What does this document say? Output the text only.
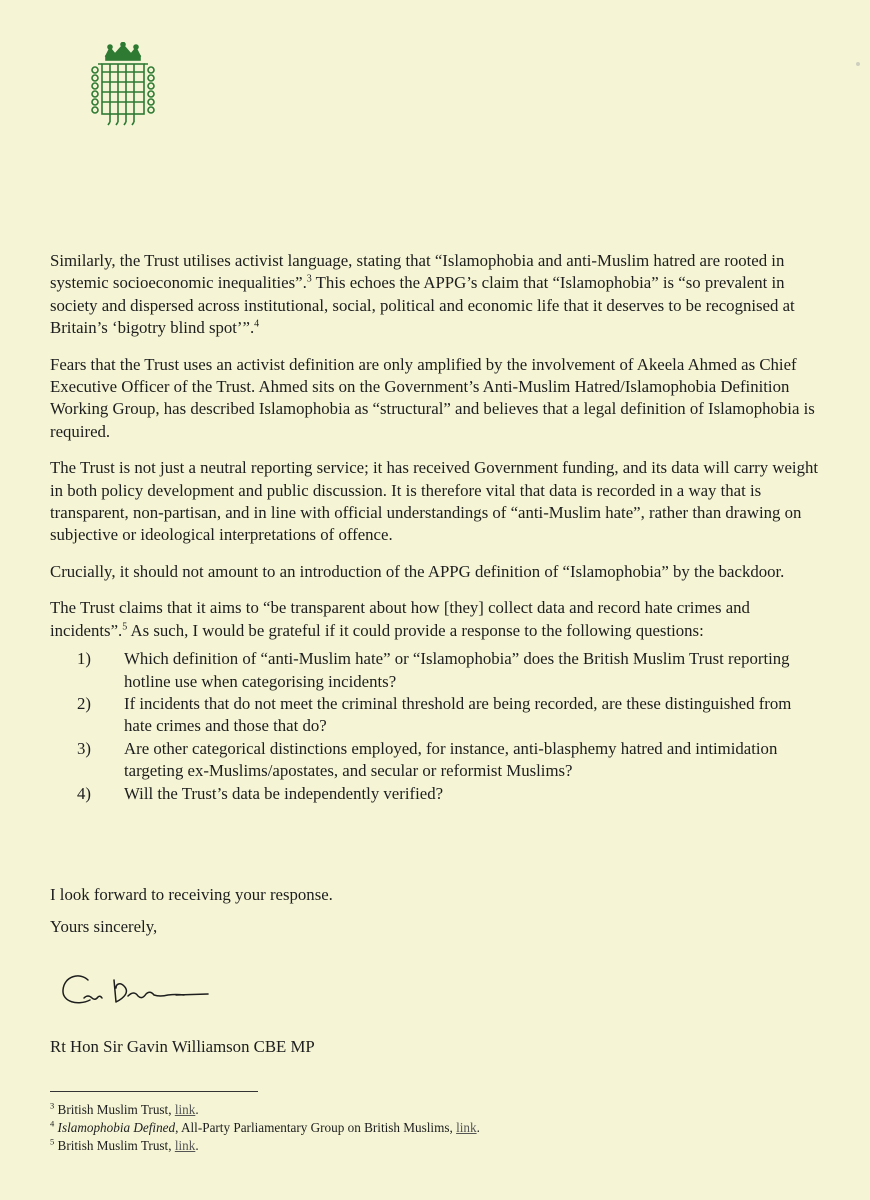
Similarly, the Trust utilises activist language, stating that “Islamophobia and anti-Muslim hatred are rooted in systemic socioeconomic inequalities”.$^3$ This echoes the APPG’s claim that “Islamophobia” is “so prevalent in society and dispersed across institutional, social, political and economic life that it deserves to be recognised at Britain’s ‘bigotry blind spot’”.$^4$

Fears that the Trust uses an activist definition are only amplified by the involvement of Akeela Ahmed as Chief Executive Officer of the Trust. Ahmed sits on the Government’s Anti-Muslim Hatred/Islamophobia Definition Working Group, has described Islamophobia as “structural” and believes that a legal definition of Islamophobia is required.

The Trust is not just a neutral reporting service; it has received Government funding, and its data will carry weight in both policy development and public discussion. It is therefore vital that data is recorded in a way that is transparent, non-partisan, and in line with official understandings of “anti-Muslim hate”, rather than drawing on subjective or ideological interpretations of offence.

Crucially, it should not amount to an introduction of the APPG definition of “Islamophobia” by the backdoor.

The Trust claims that it aims to “be transparent about how [they] collect data and record hate crimes and incidents”.$^5$ As such, I would be grateful if it could provide a response to the following questions:

1) Which definition of “anti-Muslim hate” or “Islamophobia” does the British Muslim Trust reporting hotline use when categorising incidents?
2) If incidents that do not meet the criminal threshold are being recorded, are these distinguished from hate crimes and those that do?
3) Are other categorical distinctions employed, for instance, anti-blasphemy hatred and intimidation targeting ex-Muslims/apostates, and secular or reformist Muslims?
4) Will the Trust’s data be independently verified?

I look forward to receiving your response.

Yours sincerely,

Rt Hon Sir Gavin Williamson CBE MP
$^3$ British Muslim Trust, link.
$^4$ Islamophobia Defined, All-Party Parliamentary Group on British Muslims, link.
$^5$ British Muslim Trust, link.
